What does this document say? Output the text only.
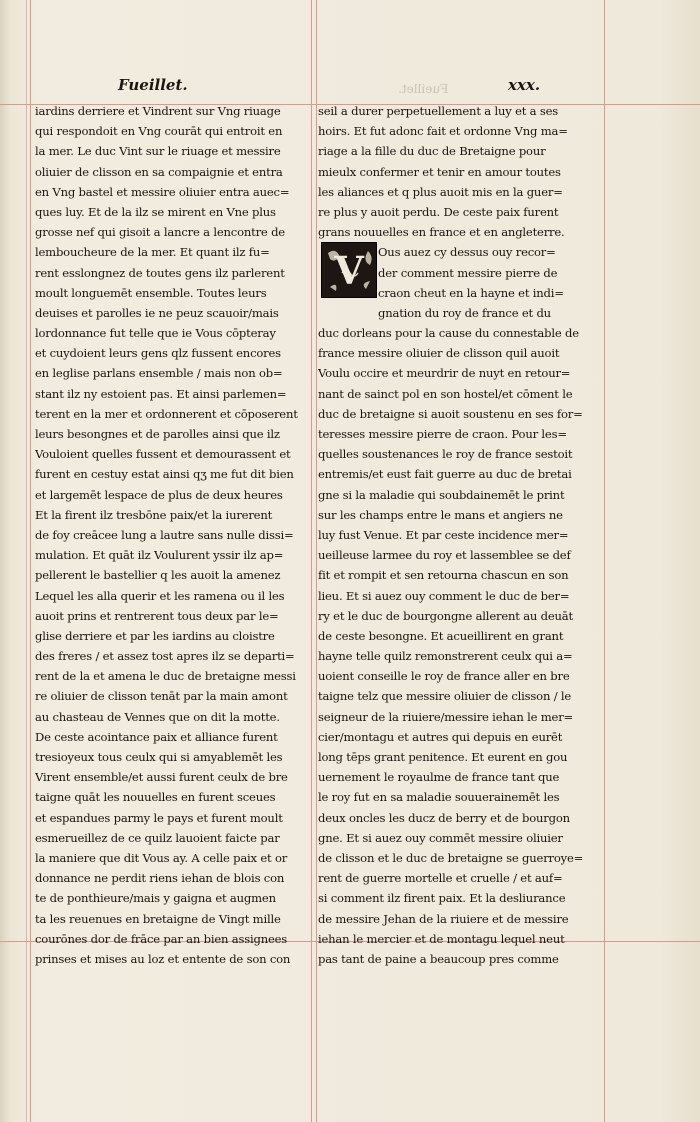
Fueillet.	Fueillet.	xxx.
iardins derriere et Vindrent sur Vng riuage
qui respondoit en Vng courāt qui entroit en
la mer. Le duc Vint sur le riuage et messire
oliuier de clisson en sa compaignie et entra
en Vng bastel et messire oliuier entra auec=
ques luy. Et de la ilz se mirent en Vne plus
grosse nef qui gisoit a lancre a lencontre de
lemboucheure de la mer. Et quant ilz fu=
rent esslongnez de toutes gens ilz parlerent
moult longuemēt ensemble. Toutes leurs
deuises et parolles ie ne peuz scauoir/mais
lordonnance fut telle que ie Vous cōpteray
et cuydoient leurs gens qlz fussent encores
en leglise parlans ensemble / mais non ob=
stant ilz ny estoient pas. Et ainsi parlemen=
terent en la mer et ordonnerent et cōposerent
leurs besongnes et de parolles ainsi que ilz
Vouloient quelles fussent et demourassent et
furent en cestuy estat ainsi qʒ me fut dit bien
et largemēt lespace de plus de deux heures
Et la firent ilz tresbōne paix/et la iurerent
de foy creācee lung a lautre sans nulle dissi=
mulation. Et quāt ilz Voulurent yssir ilz ap=
pellerent le bastellier q les auoit la amenez
Lequel les alla querir et les ramena ou il les
auoit prins et rentrerent tous deux par le=
glise derriere et par les iardins au cloistre
des freres / et assez tost apres ilz se departi=
rent de la et amena le duc de bretaigne messi
re oliuier de clisson tenāt par la main amont
au chasteau de Vennes que on dit la motte.
De ceste acointance paix et alliance furent
tresioyeux tous ceulx qui si amyablemēt les
Virent ensemble/et aussi furent ceulx de bre
taigne quāt les nouuelles en furent sceues
et espandues parmy le pays et furent moult
esmerueillez de ce quilz lauoient faicte par
la maniere que dit Vous ay. A celle paix et or
donnance ne perdit riens iehan de blois con
te de ponthieure/mais y gaigna et augmen
ta les reuenues en bretaigne de Vingt mille
courōnes dor de frāce par an bien assignees
prinses et mises au loz et entente de son con
seil a durer perpetuellement a luy et a ses
hoirs. Et fut adonc fait et ordonne Vng ma=
riage a la fille du duc de Bretaigne pour
mieulx confermer et tenir en amour toutes
les aliances et q plus auoit mis en la guer=
re plus y auoit perdu. De ceste paix furent
grans nouuelles en france et en angleterre.
Ous auez cy dessus ouy recor=
der comment messire pierre de
craon cheut en la hayne et indi=
gnation du roy de france et du
duc dorleans pour la cause du connestable de
france messire oliuier de clisson quil auoit
Voulu occire et meurdrir de nuyt en retour=
nant de sainct pol en son hostel/et cōment le
duc de bretaigne si auoit soustenu en ses for=
teresses messire pierre de craon. Pour les=
quelles soustenances le roy de france sestoit
entremis/et eust fait guerre au duc de bretai
gne si la maladie qui soubdainemēt le print
sur les champs entre le mans et angiers ne
luy fust Venue. Et par ceste incidence mer=
ueilleuse larmee du roy et lassemblee se def
fit et rompit et sen retourna chascun en son
lieu. Et si auez ouy comment le duc de ber=
ry et le duc de bourgongne allerent au deuāt
de ceste besongne. Et acueillirent en grant
hayne telle quilz remonstrerent ceulx qui a=
uoient conseille le roy de france aller en bre
taigne telz que messire oliuier de clisson / le
seigneur de la riuiere/messire iehan le mer=
cier/montagu et autres qui depuis en eurēt
long tēps grant penitence. Et eurent en gou
uernement le royaulme de france tant que
le roy fut en sa maladie souuerainemēt les
deux oncles les ducz de berry et de bourgon
gne. Et si auez ouy commēt messire oliuier
de clisson et le duc de bretaigne se guerroye=
rent de guerre mortelle et cruelle / et auf=
si comment ilz firent paix. Et la desliurance
de messire Jehan de la riuiere et de messire
iehan le mercier et de montagu lequel neut
pas tant de paine a beaucoup pres comme
V
